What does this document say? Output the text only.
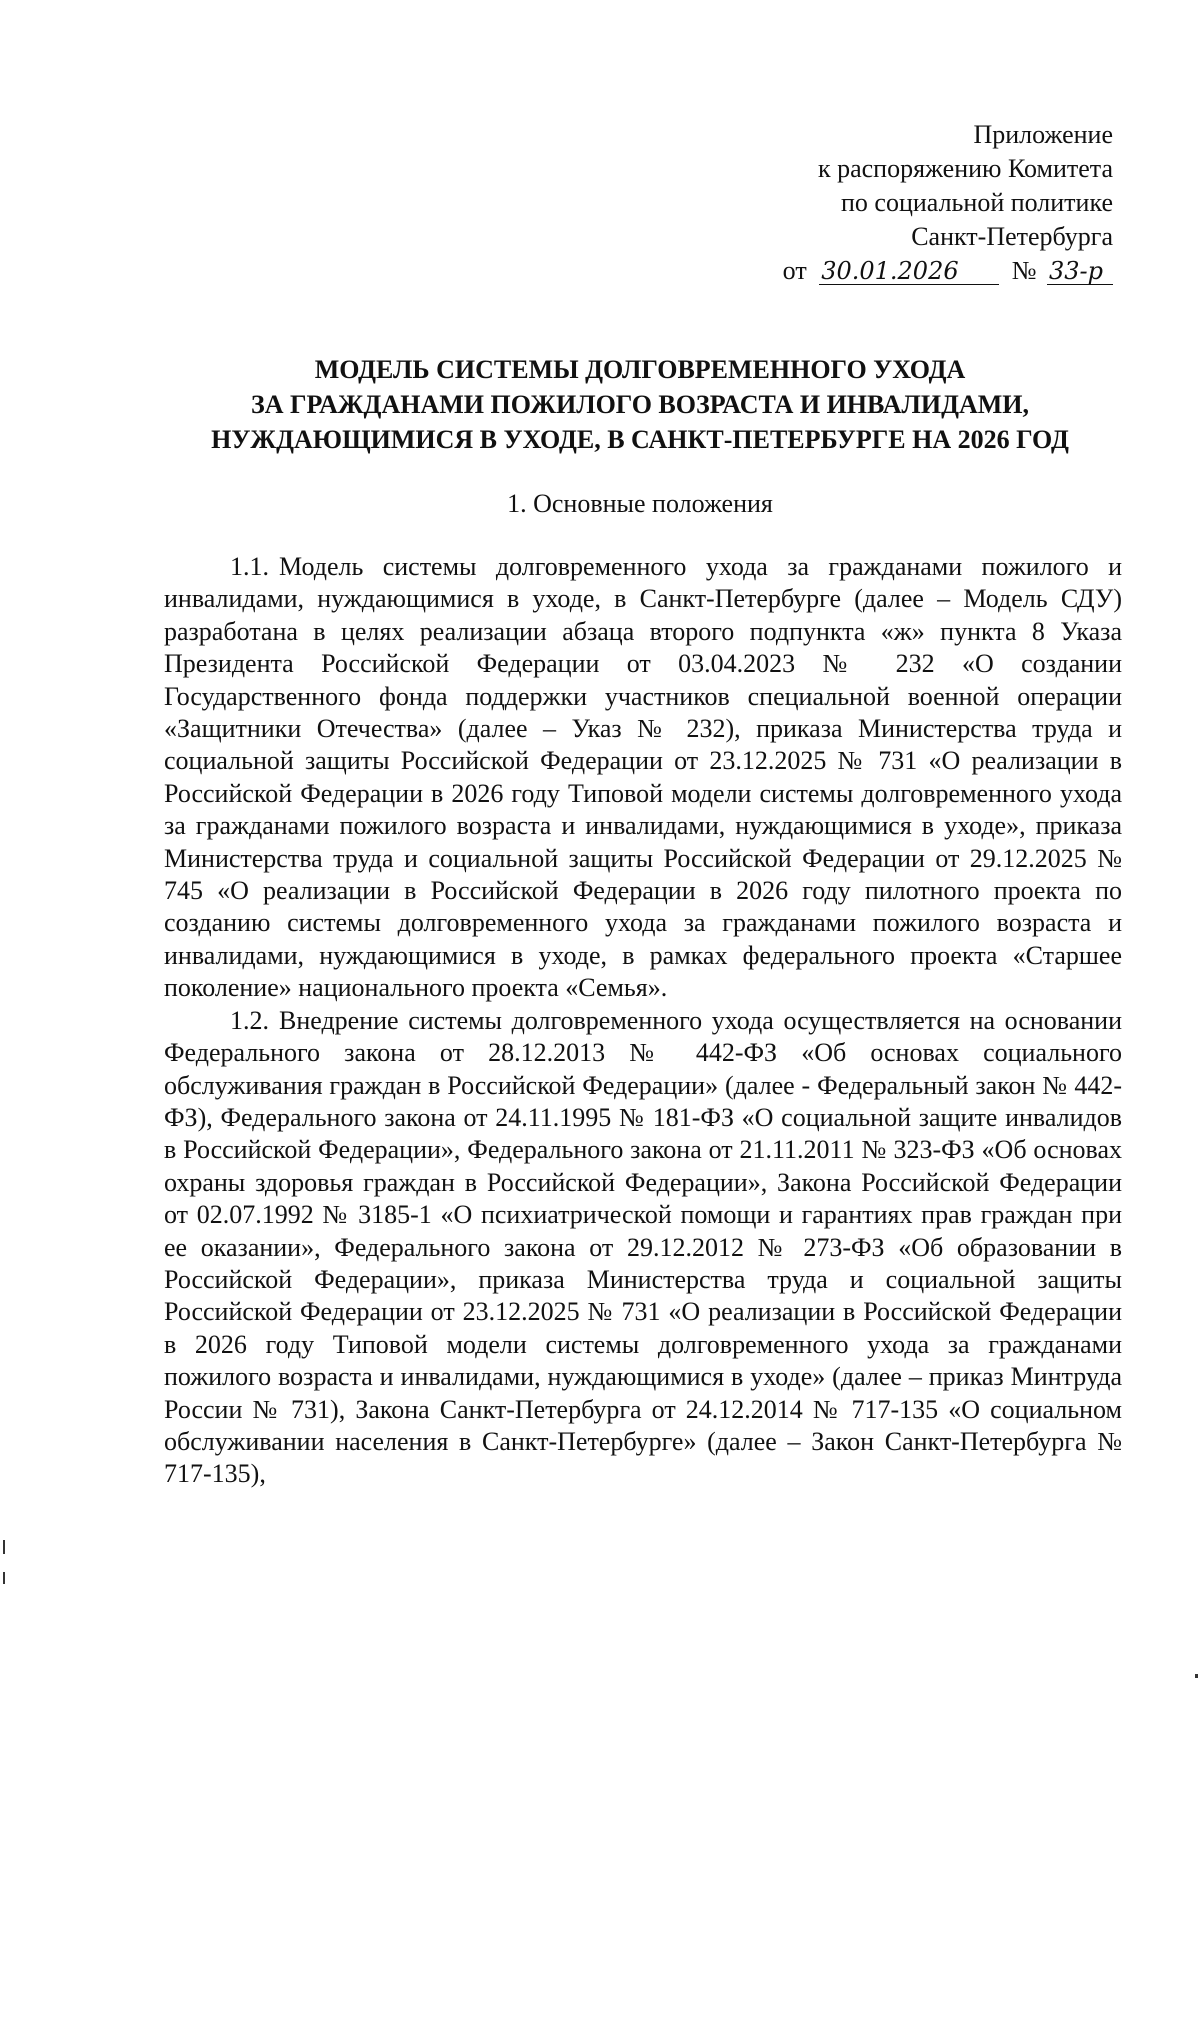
Приложение
к распоряжению Комитета
по социальной политике
Санкт-Петербурга
от 30.01.2026 № 33-р
МОДЕЛЬ СИСТЕМЫ ДОЛГОВРЕМЕННОГО УХОДА
ЗА ГРАЖДАНАМИ ПОЖИЛОГО ВОЗРАСТА И ИНВАЛИДАМИ,
НУЖДАЮЩИМИСЯ В УХОДЕ, В САНКТ-ПЕТЕРБУРГЕ НА 2026 ГОД
1. Основные положения

1.1. Модель системы долговременного ухода за гражданами пожилого и инвалидами, нуждающимися в уходе, в Санкт-Петербурге (далее – Модель СДУ) разработана в целях реализации абзаца второго подпункта «ж» пункта 8 Указа Президента Российской Федерации от 03.04.2023 № 232 «О создании Государственного фонда поддержки участников специальной военной операции «Защитники Отечества» (далее – Указ № 232), приказа Министерства труда и социальной защиты Российской Федерации от 23.12.2025 № 731 «О реализации в Российской Федерации в 2026 году Типовой модели системы долговременного ухода за гражданами пожилого возраста и инвалидами, нуждающимися в уходе», приказа Министерства труда и социальной защиты Российской Федерации от 29.12.2025 № 745 «О реализации в Российской Федерации в 2026 году пилотного проекта по созданию системы долговременного ухода за гражданами пожилого возраста и инвалидами, нуждающимися в уходе, в рамках федерального проекта «Старшее поколение» национального проекта «Семья».

1.2. Внедрение системы долговременного ухода осуществляется на основании Федерального закона от 28.12.2013 № 442-ФЗ «Об основах социального обслуживания граждан в Российской Федерации» (далее - Федеральный закон № 442-ФЗ), Федерального закона от 24.11.1995 № 181-ФЗ «О социальной защите инвалидов в Российской Федерации», Федерального закона от 21.11.2011 № 323-ФЗ «Об основах охраны здоровья граждан в Российской Федерации», Закона Российской Федерации от 02.07.1992 № 3185-1 «О психиатрической помощи и гарантиях прав граждан при ее оказании», Федерального закона от 29.12.2012 № 273-ФЗ «Об образовании в Российской Федерации», приказа Министерства труда и социальной защиты Российской Федерации от 23.12.2025 № 731 «О реализации в Российской Федерации в 2026 году Типовой модели системы долговременного ухода за гражданами пожилого возраста и инвалидами, нуждающимися в уходе» (далее – приказ Минтруда России № 731), Закона Санкт-Петербурга от 24.12.2014 № 717-135 «О социальном обслуживании населения в Санкт-Петербурге» (далее – Закон Санкт-Петербурга № 717-135),
